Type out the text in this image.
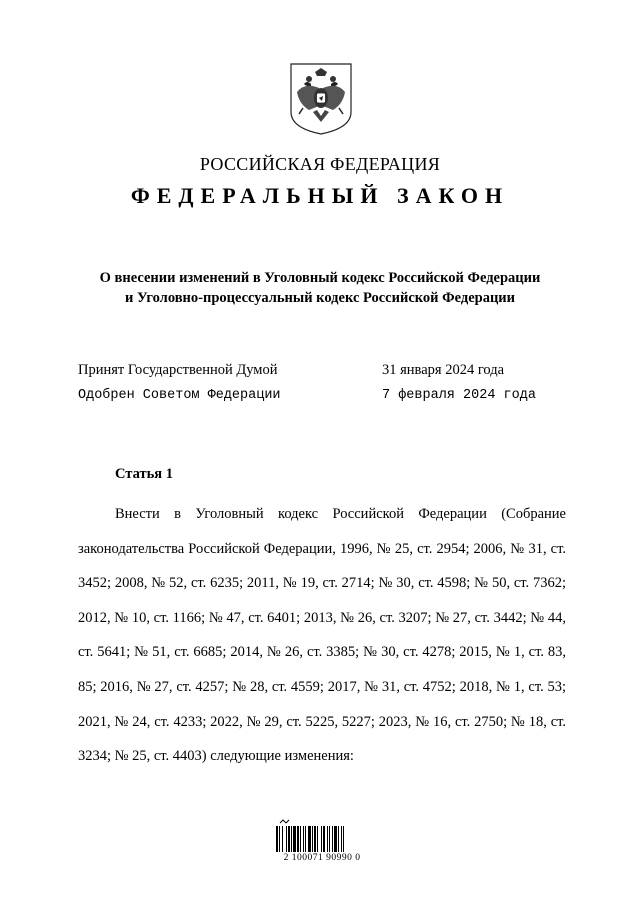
РОССИЙСКАЯ ФЕДЕРАЦИЯ
ФЕДЕРАЛЬНЫЙ ЗАКОН
О внесении изменений в Уголовный кодекс Российской Федерации
и Уголовно-процессуальный кодекс Российской Федерации
Принят Государственной Думой	31 января 2024 года
Одобрен Советом Федерации	7 февраля 2024 года
Статья 1

Внести в Уголовный кодекс Российской Федерации (Собрание законодательства Российской Федерации, 1996, № 25, ст. 2954; 2006, № 31, ст. 3452; 2008, № 52, ст. 6235; 2011, № 19, ст. 2714; № 30, ст. 4598; № 50, ст. 7362; 2012, № 10, ст. 1166; № 47, ст. 6401; 2013, № 26, ст. 3207; № 27, ст. 3442; № 44, ст. 5641; № 51, ст. 6685; 2014, № 26, ст. 3385; № 30, ст. 4278; 2015, № 1, ст. 83, 85; 2016, № 27, ст. 4257; № 28, ст. 4559; 2017, № 31, ст. 4752; 2018, № 1, ст. 53; 2021, № 24, ст. 4233; 2022, № 29, ст. 5225, 5227; 2023, № 16, ст. 2750; № 18, ст. 3234; № 25, ст. 4403) следующие изменения:

2 100071 90990 0
